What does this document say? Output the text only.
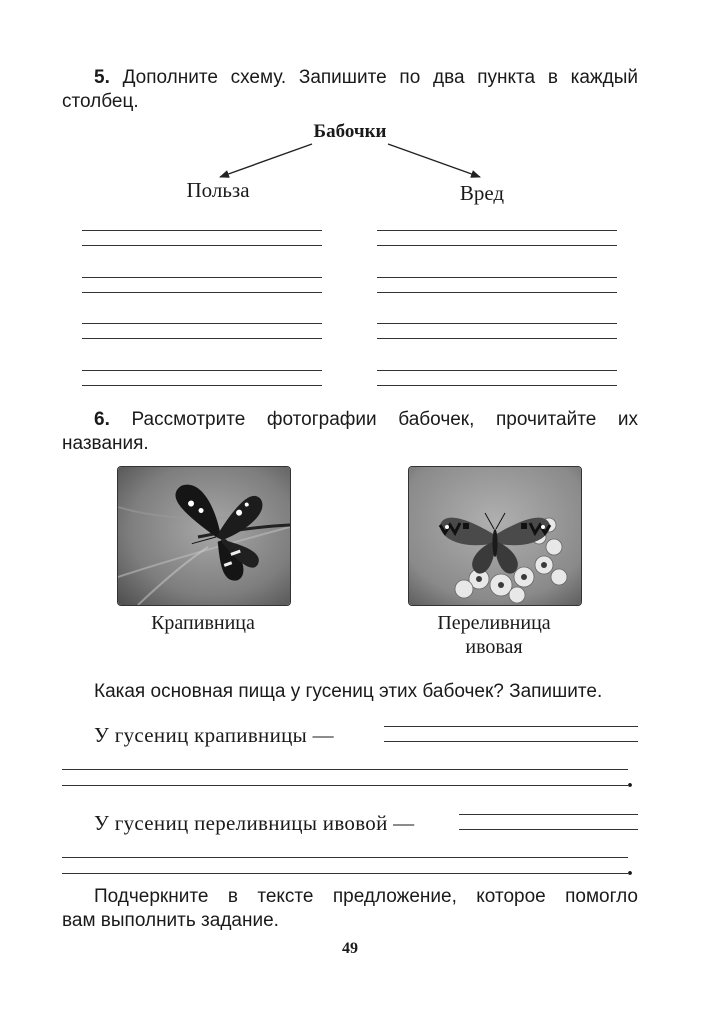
5. Дополните схему. Запишите по два пункта в каждый
столбец.
Бабочки
Польза	Вред
6. Рассмотрите фотографии бабочек, прочитайте их
названия.
Крапивница	Переливница
ивовая
Какая основная пища у гусениц этих бабочек? Запишите.
У гусениц крапивницы —
.
У гусениц переливницы ивовой —
.
Подчеркните в тексте предложение, которое помогло
вам выполнить задание.
49
